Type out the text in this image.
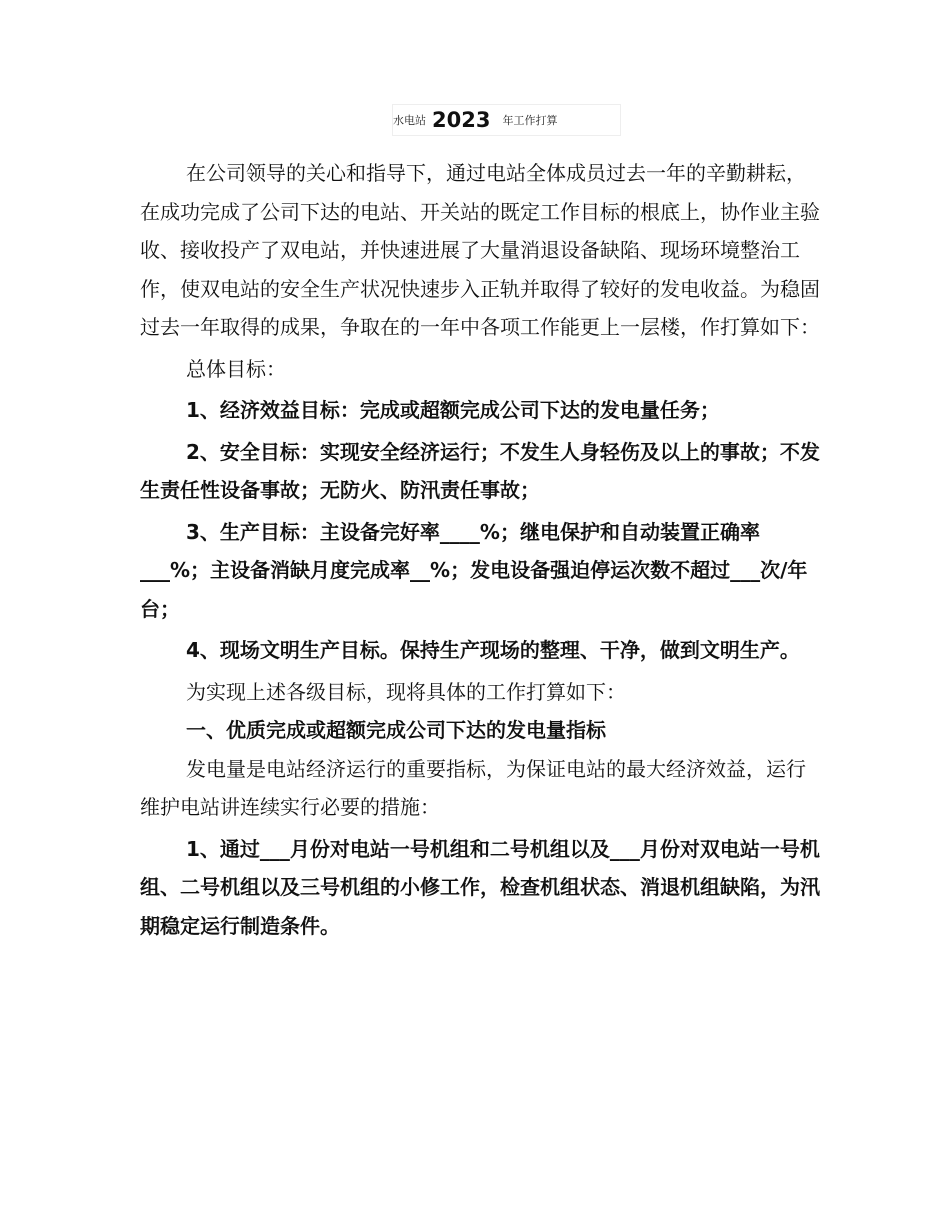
水电站 2023 年工作打算

在公司领导的关心和指导下，通过电站全体成员过去一年的辛勤耕耘，在成功完成了公司下达的电站、开关站的既定工作目标的根底上，协作业主验收、接收投产了双电站，并快速进展了大量消退设备缺陷、现场环境整治工作，使双电站的安全生产状况快速步入正轨并取得了较好的发电收益。为稳固过去一年取得的成果，争取在的一年中各项工作能更上一层楼，作打算如下：

总体目标：

1、经济效益目标：完成或超额完成公司下达的发电量任务；

2、安全目标：实现安全经济运行；不发生人身轻伤及以上的事故；不发生责任性设备事故；无防火、防汛责任事故；

3、生产目标：主设备完好率____%；继电保护和自动装置正确率___%；主设备消缺月度完成率__%；发电设备强迫停运次数不超过___次/年台；

4、现场文明生产目标。保持生产现场的整理、干净，做到文明生产。

为实现上述各级目标，现将具体的工作打算如下：

一、优质完成或超额完成公司下达的发电量指标

发电量是电站经济运行的重要指标，为保证电站的最大经济效益，运行维护电站讲连续实行必要的措施：

1、通过___月份对电站一号机组和二号机组以及___月份对双电站一号机组、二号机组以及三号机组的小修工作，检查机组状态、消退机组缺陷，为汛期稳定运行制造条件。
